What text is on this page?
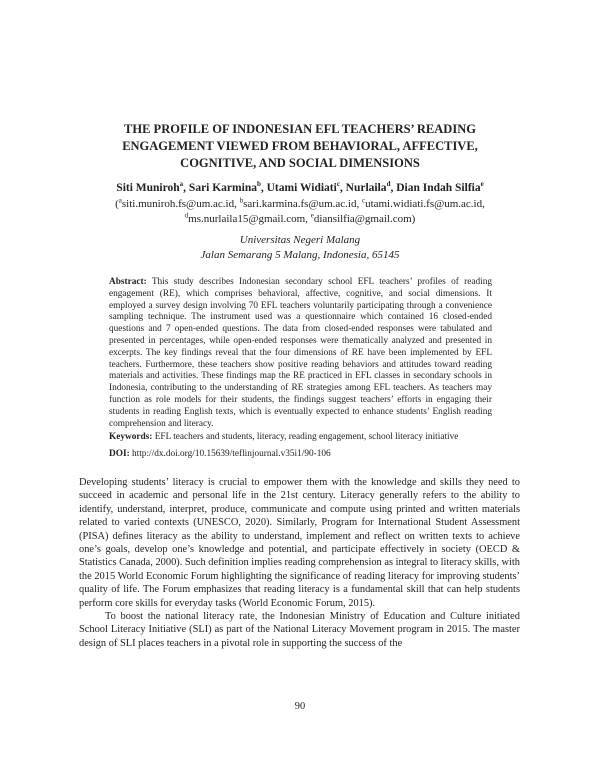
THE PROFILE OF INDONESIAN EFL TEACHERS’ READING
ENGAGEMENT VIEWED FROM BEHAVIORAL, AFFECTIVE,
COGNITIVE, AND SOCIAL DIMENSIONS
Siti Muniroh$^a$, Sari Karmina$^b$, Utami Widiati$^c$, Nurlaila$^d$, Dian Indah Silfia$^e$
($^a$siti.muniroh.fs@um.ac.id, $^b$sari.karmina.fs@um.ac.id, $^c$utami.widiati.fs@um.ac.id,
$^d$ms.nurlaila15@gmail.com, $^e$diansilfia@gmail.com)
Universitas Negeri Malang
Jalan Semarang 5 Malang, Indonesia, 65145
Abstract: This study describes Indonesian secondary school EFL teachers’ profiles of reading engagement (RE), which comprises behavioral, affective, cognitive, and social dimensions. It employed a survey design involving 70 EFL teachers voluntarily participating through a convenience sampling technique. The instrument used was a questionnaire which contained 16 closed-ended questions and 7 open-ended questions. The data from closed-ended responses were tabulated and presented in percentages, while open-ended responses were thematically analyzed and presented in excerpts. The key findings reveal that the four dimensions of RE have been implemented by EFL teachers. Furthermore, these teachers show positive reading behaviors and attitudes toward reading materials and activities. These findings map the RE practiced in EFL classes in secondary schools in Indonesia, contributing to the understanding of RE strategies among EFL teachers. As teachers may function as role models for their students, the findings suggest teachers’ efforts in engaging their students in reading English texts, which is eventually expected to enhance students’ English reading comprehension and literacy.
Keywords: EFL teachers and students, literacy, reading engagement, school literacy initiative
DOI: http://dx.doi.org/10.15639/teflinjournal.v35i1/90-106

Developing students’ literacy is crucial to empower them with the knowledge and skills they need to succeed in academic and personal life in the 21st century. Literacy generally refers to the ability to identify, understand, interpret, produce, communicate and compute using printed and written materials related to varied contexts (UNESCO, 2020). Similarly, Program for International Student Assessment (PISA) defines literacy as the ability to understand, implement and reflect on written texts to achieve one’s goals, develop one’s knowledge and potential, and participate effectively in society (OECD & Statistics Canada, 2000). Such definition implies reading comprehension as integral to literacy skills, with the 2015 World Economic Forum highlighting the significance of reading literacy for improving students’ quality of life. The Forum emphasizes that reading literacy is a fundamental skill that can help students perform core skills for everyday tasks (World Economic Forum, 2015).

To boost the national literacy rate, the Indonesian Ministry of Education and Culture initiated School Literacy Initiative (SLI) as part of the National Literacy Movement program in 2015. The master design of SLI places teachers in a pivotal role in supporting the success of the

90
